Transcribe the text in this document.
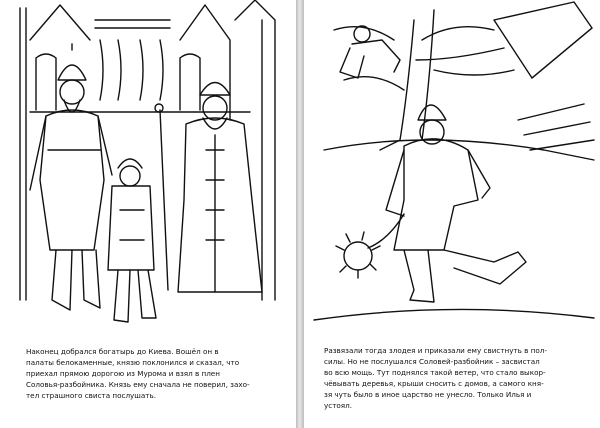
Наконец добрался богатырь до Киева. Вошёл он в

палаты белокаменные, князю поклонился и сказал, что

приехал прямою дорогою из Мурома и взял в плен

Соловья-разбойника. Князь ему сначала не поверил, захо-

тел страшного свиста послушать.

Развязали тогда злодея и приказали ему свистнуть в пол-

силы. Но не послушался Соловей-разбойник – засвистал

во всю мощь. Тут поднялся такой ветер, что стало выкор-

чёвывать деревья, крыши сносить с домов, а самого кня-

зя чуть было в иное царство не унесло. Только Илья и

устоял.
